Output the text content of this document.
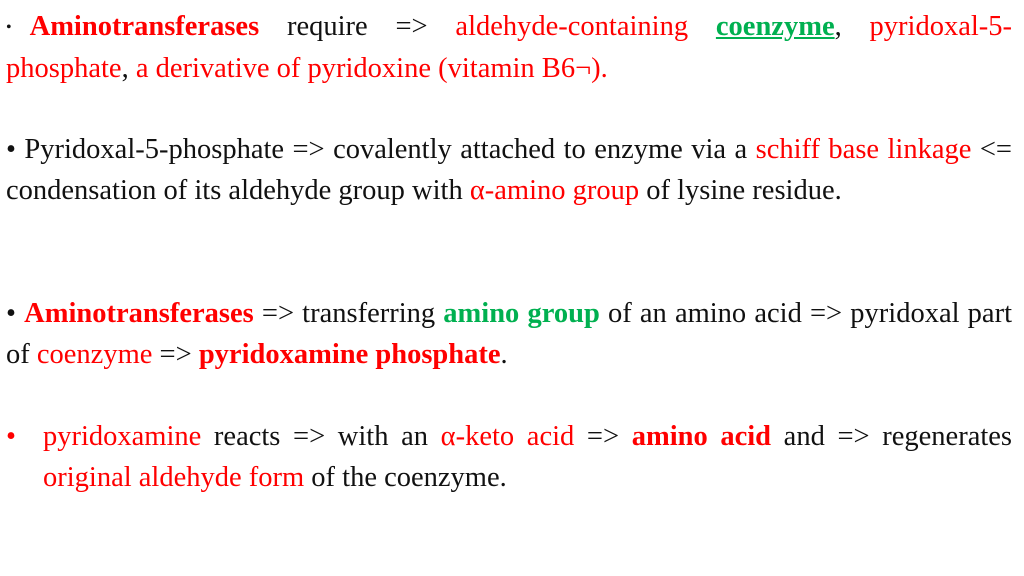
• Aminotransferases require => aldehyde-containing coenzyme, pyridoxal-5-phosphate, a derivative of pyridoxine (vitamin B6¬).
• Pyridoxal-5-phosphate => covalently attached to enzyme via a schiff base linkage <= condensation of its aldehyde group with α-amino group of lysine residue.
• Aminotransferases => transferring amino group of an amino acid => pyridoxal part of coenzyme => pyridoxamine phosphate.
• pyridoxamine reacts => with an α-keto acid => amino acid and => regenerates original aldehyde form of the coenzyme.
